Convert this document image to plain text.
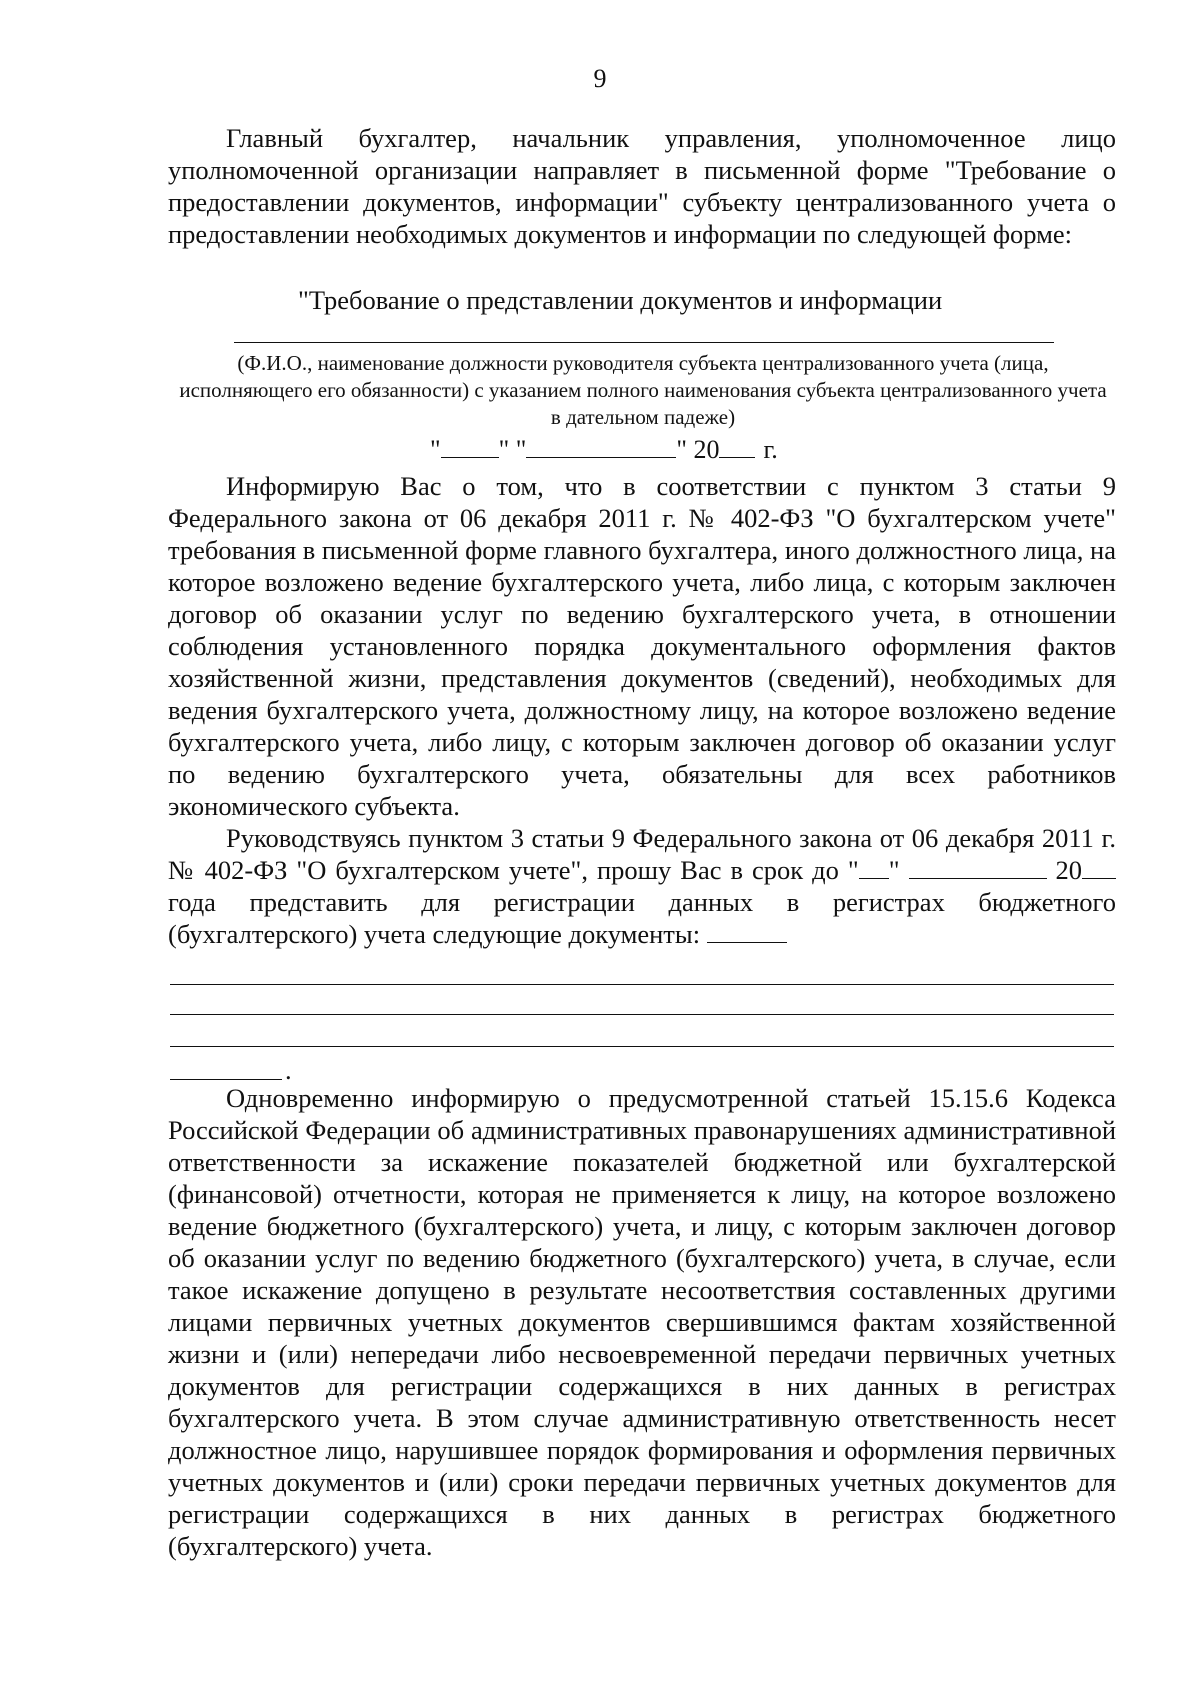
9

Главный бухгалтер, начальник управления, уполномоченное лицо уполномоченной организации направляет в письменной форме "Требование о предоставлении документов, информации" субъекту централизованного учета о предоставлении необходимых документов и информации по следующей форме:

"Требование о представлении документов и информации

(Ф.И.О., наименование должности руководителя субъекта централизованного учета (лица, исполняющего его обязанности) с указанием полного наименования субъекта централизованного учета в дательном падеже)

" " "	" 20 г.

Информирую Вас о том, что в соответствии с пунктом 3 статьи 9 Федерального закона от 06 декабря 2011 г. № 402-ФЗ "О бухгалтерском учете" требования в письменной форме главного бухгалтера, иного должностного лица, на которое возложено ведение бухгалтерского учета, либо лица, с которым заключен договор об оказании услуг по ведению бухгалтерского учета, в отношении соблюдения установленного порядка документального оформления фактов хозяйственной жизни, представления документов (сведений), необходимых для ведения бухгалтерского учета, должностному лицу, на которое возложено ведение бухгалтерского учета, либо лицу, с которым заключен договор об оказании услуг по ведению бухгалтерского учета, обязательны для всех работников экономического субъекта.

Руководствуясь пунктом 3 статьи 9 Федерального закона от 06 декабря 2011 г. № 402-ФЗ "О бухгалтерском учете", прошу Вас в срок до " "	20 года представить для регистрации данных в регистрах бюджетного (бухгалтерского) учета следующие документы:
.

Одновременно информирую о предусмотренной статьей 15.15.6 Кодекса Российской Федерации об административных правонарушениях административной ответственности за искажение показателей бюджетной или бухгалтерской (финансовой) отчетности, которая не применяется к лицу, на которое возложено ведение бюджетного (бухгалтерского) учета, и лицу, с которым заключен договор об оказании услуг по ведению бюджетного (бухгалтерского) учета, в случае, если такое искажение допущено в результате несоответствия составленных другими лицами первичных учетных документов свершившимся фактам хозяйственной жизни и (или) непередачи либо несвоевременной передачи первичных учетных документов для регистрации содержащихся в них данных в регистрах бухгалтерского учета. В этом случае административную ответственность несет должностное лицо, нарушившее порядок формирования и оформления первичных учетных документов и (или) сроки передачи первичных учетных документов для регистрации содержащихся в них данных в регистрах бюджетного (бухгалтерского) учета.
